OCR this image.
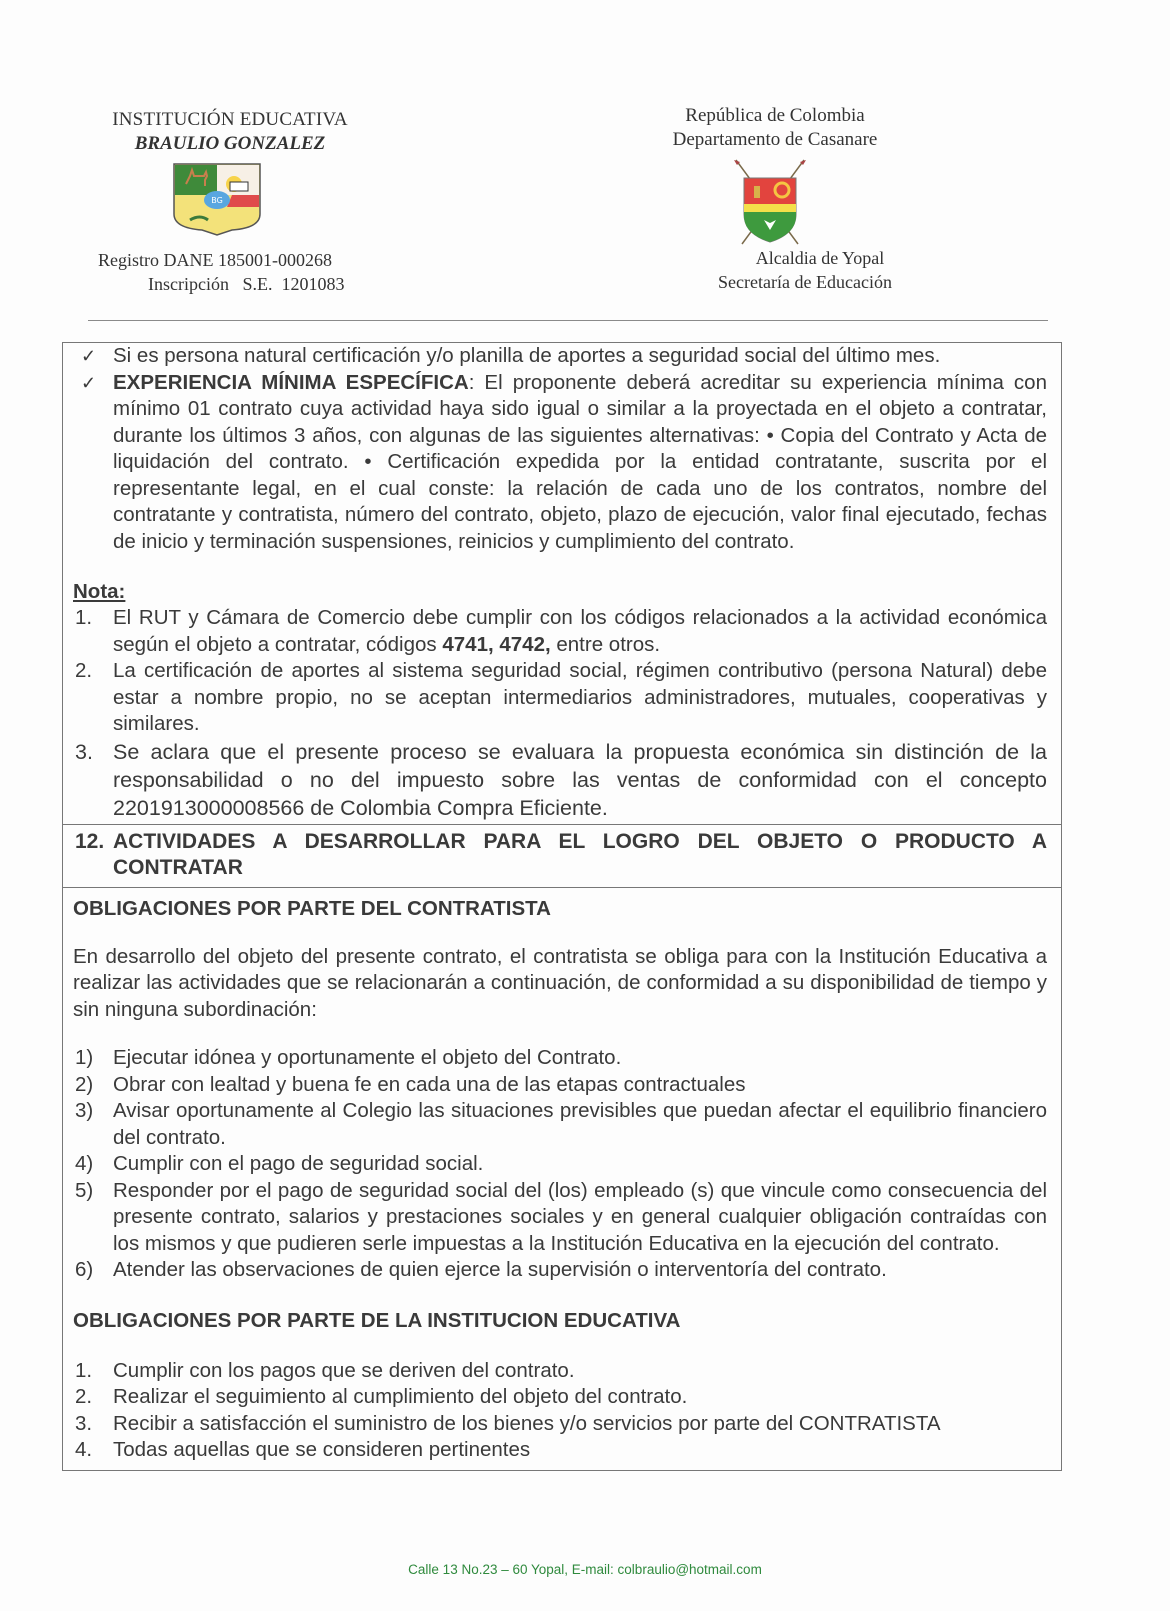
INSTITUCIÓN EDUCATIVA
BRAULIO GONZALEZ
BG
Registro DANE 185001-000268
Inscripción   S.E.  1201083
República de Colombia
Departamento de Casanare
Alcaldia de Yopal
Secretaría de Educación
✓ Si es persona natural certificación y/o planilla de aportes a seguridad social del último mes.
✓ EXPERIENCIA MÍNIMA ESPECÍFICA: El proponente deberá acreditar su experiencia mínima con mínimo 01 contrato cuya actividad haya sido igual o similar a la proyectada en el objeto a contratar, durante los últimos 3 años, con algunas de las siguientes alternativas: • Copia del Contrato y Acta de liquidación del contrato. • Certificación expedida por la entidad contratante, suscrita por el representante legal, en el cual conste: la relación de cada uno de los contratos, nombre del contratante y contratista, número del contrato, objeto, plazo de ejecución, valor final ejecutado, fechas de inicio y terminación suspensiones, reinicios y cumplimiento del contrato.
Nota:
1.	El RUT y Cámara de Comercio debe cumplir con los códigos relacionados a la actividad económica según el objeto a contratar, códigos 4741, 4742, entre otros.
2.	La certificación de aportes al sistema seguridad social, régimen contributivo (persona Natural) debe estar a nombre propio, no se aceptan intermediarios administradores, mutuales, cooperativas y similares.
3. Se aclara que el presente proceso se evaluara la propuesta económica sin distinción de la responsabilidad o no del impuesto sobre las ventas de conformidad con el concepto 2201913000008566 de Colombia Compra Eficiente.
12. ACTIVIDADES A DESARROLLAR PARA EL LOGRO DEL OBJETO O PRODUCTO A CONTRATAR
OBLIGACIONES POR PARTE DEL CONTRATISTA
En desarrollo del objeto del presente contrato, el contratista se obliga para con la Institución Educativa a realizar las actividades que se relacionarán a continuación, de conformidad a su disponibilidad de tiempo y sin ninguna subordinación:
1) Ejecutar idónea y oportunamente el objeto del Contrato.
2) Obrar con lealtad y buena fe en cada una de las etapas contractuales
3) Avisar oportunamente al Colegio las situaciones previsibles que puedan afectar el equilibrio financiero del contrato.
4) Cumplir con el pago de seguridad social.
5) Responder por el pago de seguridad social del (los) empleado (s) que vincule como consecuencia del presente contrato, salarios y prestaciones sociales y en general cualquier obligación contraídas con los mismos y que pudieren serle impuestas a la Institución Educativa en la ejecución del contrato.
6) Atender las observaciones de quien ejerce la supervisión o interventoría del contrato.
OBLIGACIONES POR PARTE DE LA INSTITUCION EDUCATIVA
1.	Cumplir con los pagos que se deriven del contrato.
2.	Realizar el seguimiento al cumplimiento del objeto del contrato.
3.	Recibir a satisfacción el suministro de los bienes y/o servicios por parte del CONTRATISTA
4.	Todas aquellas que se consideren pertinentes
Calle 13 No.23 – 60 Yopal, E-mail: colbraulio@hotmail.com
